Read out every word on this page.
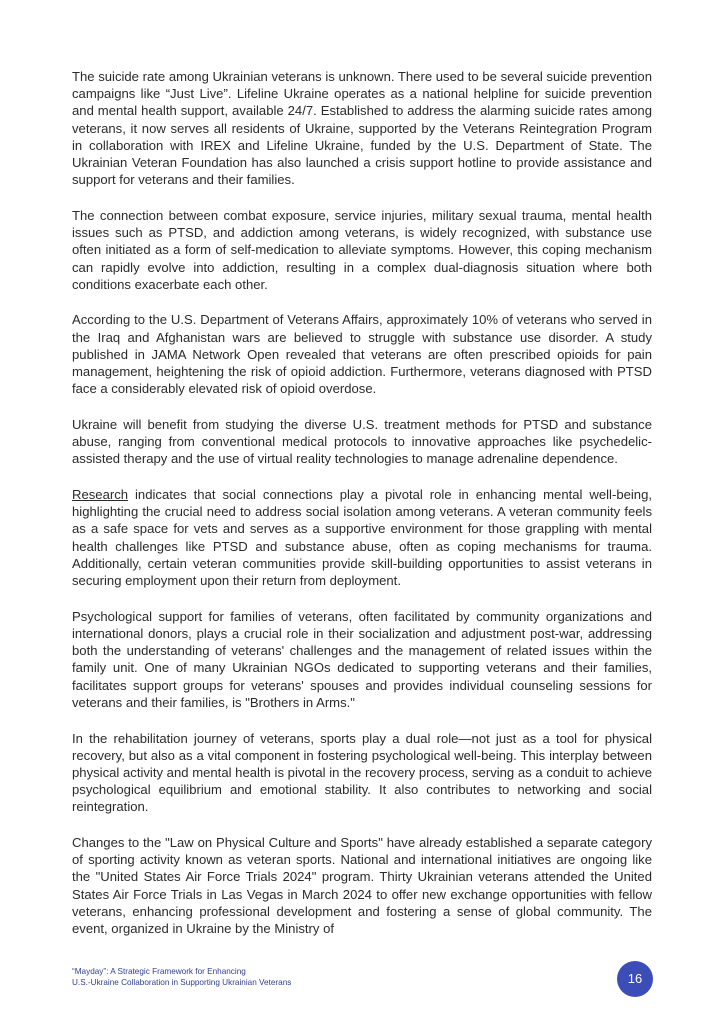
The suicide rate among Ukrainian veterans is unknown. There used to be several suicide prevention campaigns like “Just Live”. Lifeline Ukraine operates as a national helpline for suicide prevention and mental health support, available 24/7. Established to address the alarming suicide rates among veterans, it now serves all residents of Ukraine, supported by the Veterans Reintegration Program in collaboration with IREX and Lifeline Ukraine, funded by the U.S. Department of State. The Ukrainian Veteran Foundation has also launched a crisis support hotline to provide assistance and support for veterans and their families.

The connection between combat exposure, service injuries, military sexual trauma, mental health issues such as PTSD, and addiction among veterans, is widely recognized, with substance use often initiated as a form of self-medication to alleviate symptoms. However, this coping mechanism can rapidly evolve into addiction, resulting in a complex dual-diagnosis situation where both conditions exacerbate each other.

According to the U.S. Department of Veterans Affairs, approximately 10% of veterans who served in the Iraq and Afghanistan wars are believed to struggle with substance use disorder. A study published in JAMA Network Open revealed that veterans are often prescribed opioids for pain management, heightening the risk of opioid addiction. Furthermore, veterans diagnosed with PTSD face a considerably elevated risk of opioid overdose.

Ukraine will benefit from studying the diverse U.S. treatment methods for PTSD and substance abuse, ranging from conventional medical protocols to innovative approaches like psychedelic-assisted therapy and the use of virtual reality technologies to manage adrenaline dependence.

Research indicates that social connections play a pivotal role in enhancing mental well-being, highlighting the crucial need to address social isolation among veterans. A veteran community feels as a safe space for vets and serves as a supportive environment for those grappling with mental health challenges like PTSD and substance abuse, often as coping mechanisms for trauma. Additionally, certain veteran communities provide skill-building opportunities to assist veterans in securing employment upon their return from deployment.

Psychological support for families of veterans, often facilitated by community organizations and international donors, plays a crucial role in their socialization and adjustment post-war, addressing both the understanding of veterans' challenges and the management of related issues within the family unit. One of many Ukrainian NGOs dedicated to supporting veterans and their families, facilitates support groups for veterans' spouses and provides individual counseling sessions for veterans and their families, is "Brothers in Arms."

In the rehabilitation journey of veterans, sports play a dual role—not just as a tool for physical recovery, but also as a vital component in fostering psychological well-being. This interplay between physical activity and mental health is pivotal in the recovery process, serving as a conduit to achieve psychological equilibrium and emotional stability. It also contributes to networking and social reintegration.

Changes to the "Law on Physical Culture and Sports" have already established a separate category of sporting activity known as veteran sports. National and international initiatives are ongoing like the "United States Air Force Trials 2024" program. Thirty Ukrainian veterans attended the United States Air Force Trials in Las Vegas in March 2024 to offer new exchange opportunities with fellow veterans, enhancing professional development and fostering a sense of global community. The event, organized in Ukraine by the Ministry of

“Mayday”: A Strategic Framework for Enhancing
U.S.-Ukraine Collaboration in Supporting Ukrainian Veterans	16
